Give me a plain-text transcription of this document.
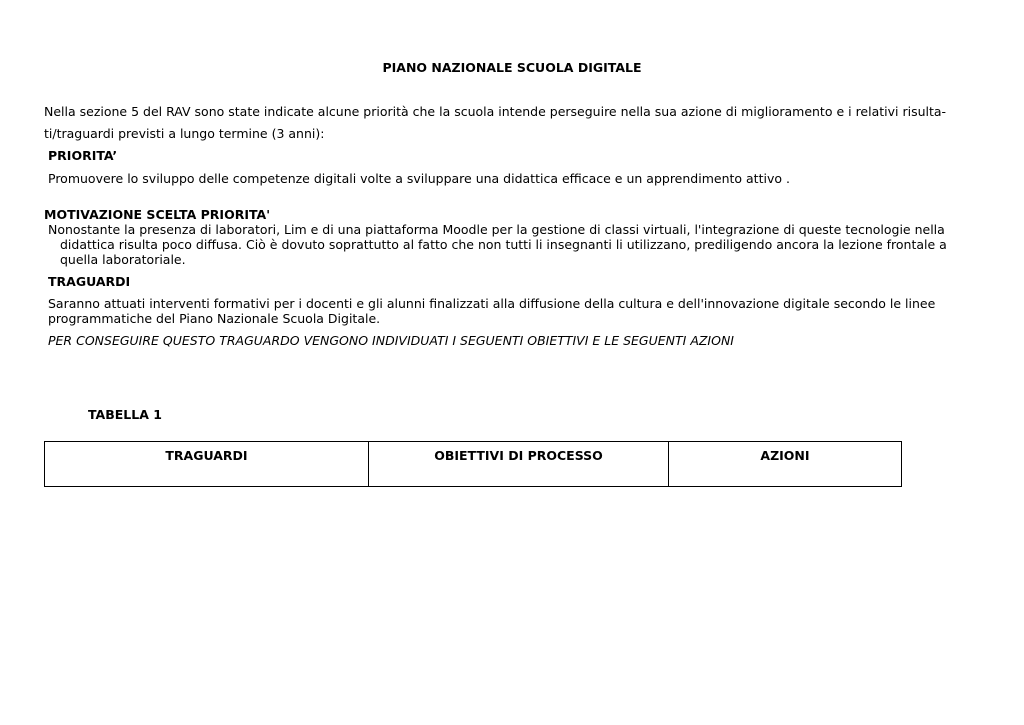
PIANO NAZIONALE SCUOLA DIGITALE
Nella sezione 5 del RAV sono state indicate alcune priorità che la scuola intende perseguire nella sua azione di miglioramento e i relativi risulta-
ti/traguardi previsti a lungo termine (3 anni):
PRIORITA’
Promuovere lo sviluppo delle competenze digitali volte a sviluppare una didattica efficace e un apprendimento attivo .
MOTIVAZIONE SCELTA PRIORITA'
Nonostante la presenza di laboratori, Lim e di una piattaforma Moodle per la gestione di classi virtuali, l'integrazione di queste tecnologie nella
didattica risulta poco diffusa. Ciò è dovuto soprattutto al fatto che non tutti li insegnanti li utilizzano, prediligendo ancora la lezione frontale a
quella laboratoriale.
TRAGUARDI
Saranno attuati interventi formativi per i docenti e gli alunni finalizzati alla diffusione della cultura e dell'innovazione digitale secondo le linee
programmatiche del Piano Nazionale Scuola Digitale.
PER CONSEGUIRE QUESTO TRAGUARDO VENGONO INDIVIDUATI I SEGUENTI OBIETTIVI E LE SEGUENTI AZIONI
TABELLA 1
TRAGUARDI	OBIETTIVI DI PROCESSO	AZIONI
